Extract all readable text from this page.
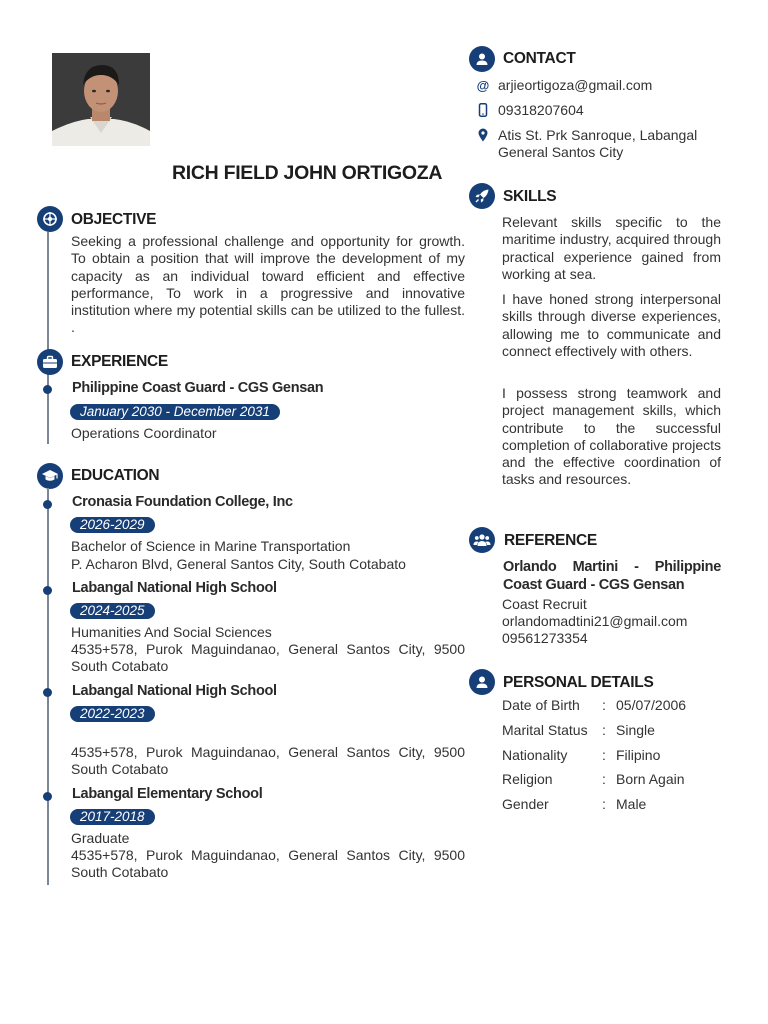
RICH FIELD JOHN ORTIGOZA
OBJECTIVE
Seeking a professional challenge and opportunity for growth. To obtain a position that will improve the development of my capacity as an individual toward efficient and effective performance, To work in a progressive and innovative institution where my potential skills can be utilized to the fullest. .
EXPERIENCE
Philippine Coast Guard - CGS Gensan
January 2030 - December 2031
Operations Coordinator
EDUCATION
Cronasia Foundation College, Inc
2026-2029
Bachelor of Science in Marine Transportation
P. Acharon Blvd, General Santos City, South Cotabato
Labangal National High School
2024-2025
Humanities And Social Sciences
4535+578, Purok Maguindanao, General Santos City, 9500 South Cotabato
Labangal National High School
2022-2023
4535+578, Purok Maguindanao, General Santos City, 9500 South Cotabato
Labangal Elementary School
2017-2018
Graduate
4535+578, Purok Maguindanao, General Santos City, 9500 South Cotabato
CONTACT
@ arjieortigoza@gmail.com
09318207604
Atis St. Prk Sanroque, Labangal
General Santos City
SKILLS
Relevant skills specific to the maritime industry, acquired through practical experience gained from working at sea.
I have honed strong interpersonal skills through diverse experiences, allowing me to communicate and connect effectively with others.
I possess strong teamwork and project management skills, which contribute to the successful completion of collaborative projects and the effective coordination of tasks and resources.
REFERENCE
Orlando Martini - Philippine Coast Guard - CGS Gensan
Coast Recruit
orlandomadtini21@gmail.com
09561273354
PERSONAL DETAILS
Date of Birth : 05/07/2006
Marital Status : Single
Nationality : Filipino
Religion	: Born Again
Gender	: Male
